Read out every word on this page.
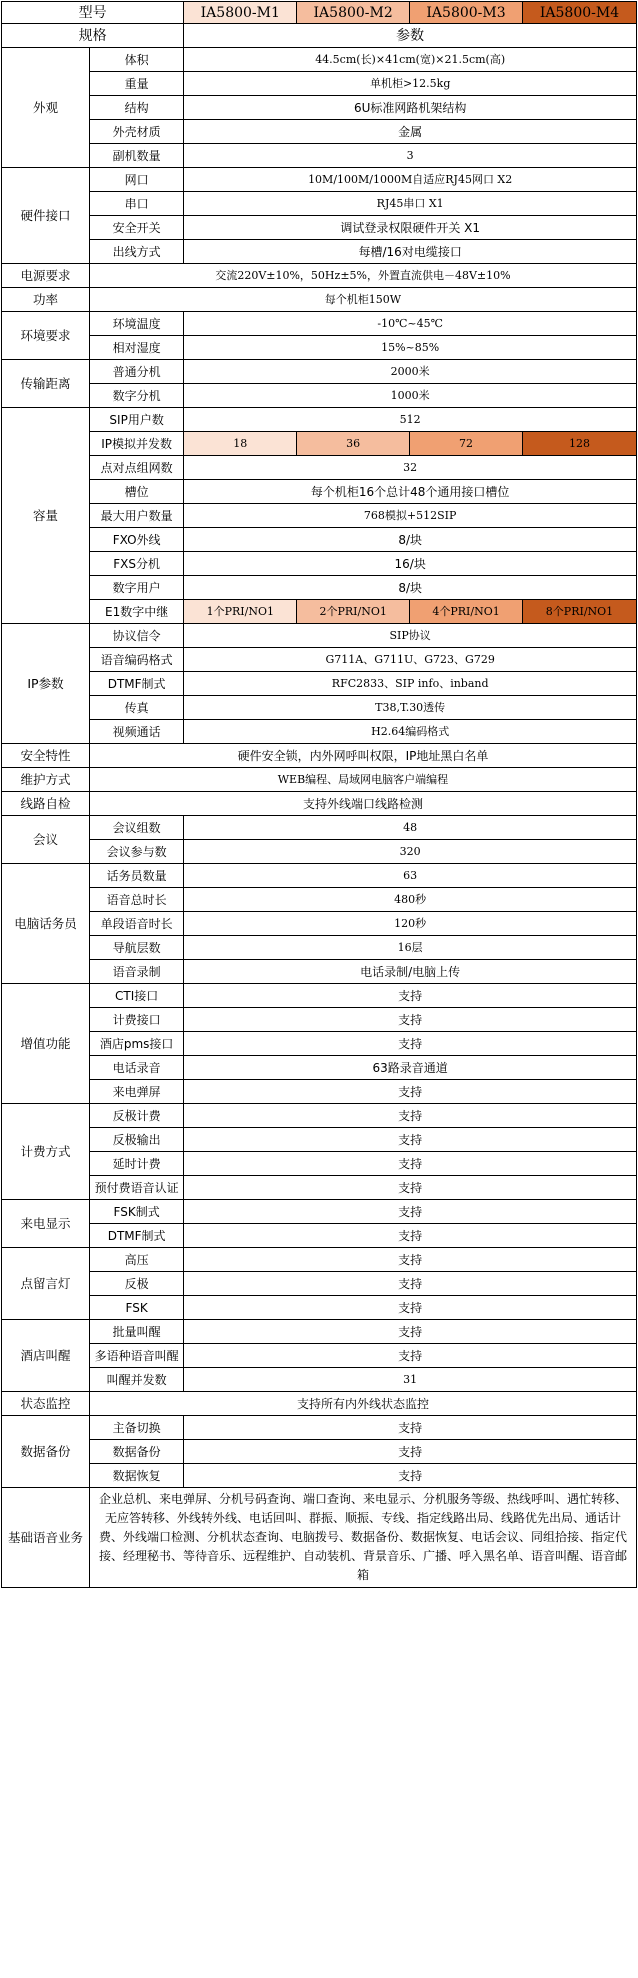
型号		IA5800-M1	IA5800-M2	IA5800-M3	IA5800-M4
规格		参数			
外观	体积	44.5cm(长)×41cm(宽)×21.5cm(高)			
	重量	单机柜>12.5kg			
	结构	6U标准网路机架结构			
	外壳材质	金属			
	副机数量	3			
硬件接口	网口	10M/100M/1000M自适应RJ45网口 X2			
	串口	RJ45串口 X1			
	安全开关	调试登录权限硬件开关 X1			
	出线方式	每槽/16对电缆接口			
电源要求	交流220V±10%，50Hz±5%，外置直流供电－48V±10%				
功率	每个机柜150W				
环境要求	环境温度	-10℃~45℃			
	相对湿度	15%~85%			
传输距离	普通分机	2000米			
	数字分机	1000米			
容量	SIP用户数	512			
	IP模拟并发数	18	36	72	128
	点对点组网数	32			
	槽位	每个机柜16个总计48个通用接口槽位			
	最大用户数量	768模拟+512SIP			
	FXO外线	8/块			
	FXS分机	16/块			
	数字用户	8/块			
	E1数字中继	1个PRI/NO1	2个PRI/NO1	4个PRI/NO1	8个PRI/NO1
IP参数	协议信令	SIP协议			
	语音编码格式	G711A、G711U、G723、G729			
	DTMF制式	RFC2833、SIP info、inband			
	传真	T38,T.30透传			
	视频通话	H2.64编码格式			
安全特性	硬件安全锁，内外网呼叫权限，IP地址黑白名单				
维护方式	WEB编程、局域网电脑客户端编程				
线路自检	支持外线端口线路检测				
会议	会议组数	48			
	会议参与数	320			
电脑话务员	话务员数量	63			
	语音总时长	480秒			
	单段语音时长	120秒			
	导航层数	16层			
	语音录制	电话录制/电脑上传			
增值功能	CTI接口	支持			
	计费接口	支持			
	酒店pms接口	支持			
	电话录音	63路录音通道			
	来电弹屏	支持			
计费方式	反极计费	支持			
	反极输出	支持			
	延时计费	支持			
	预付费语音认证	支持			
来电显示	FSK制式	支持			
	DTMF制式	支持			
点留言灯	高压	支持			
	反极	支持			
	FSK	支持			
酒店叫醒	批量叫醒	支持			
	多语种语音叫醒	支持			
	叫醒并发数	31			
状态监控	支持所有内外线状态监控				
数据备份	主备切换	支持			
	数据备份	支持			
	数据恢复	支持			
基础语音业务	企业总机、来电弹屏、分机号码查询、端口查询、来电显示、分机服务等级、热线呼叫、遇忙转移、无应答转移、外线转外线、电话回叫、群振、顺振、专线、指定线路出局、线路优先出局、通话计费、外线端口检测、分机状态查询、电脑拨号、数据备份、数据恢复、电话会议、同组拾接、指定代接、经理秘书、等待音乐、远程维护、自动装机、背景音乐、广播、呼入黑名单、语音叫醒、语音邮箱				
